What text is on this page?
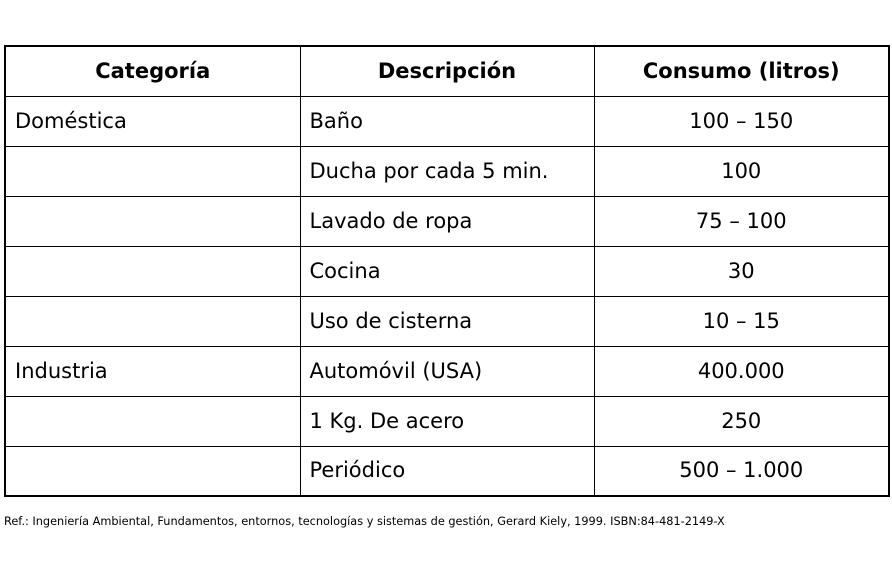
Categoría	Descripción	Consumo (litros)
Doméstica	Baño	100 – 150
	Ducha por cada 5 min.	100
	Lavado de ropa	75 – 100
	Cocina	30
	Uso de cisterna	10 – 15
Industria	Automóvil (USA)	400.000
	1 Kg. De acero	250
	Periódico	500 – 1.000
Ref.: Ingeniería Ambiental, Fundamentos, entornos, tecnologías y sistemas de gestión, Gerard Kiely, 1999. ISBN:84-481-2149-X
